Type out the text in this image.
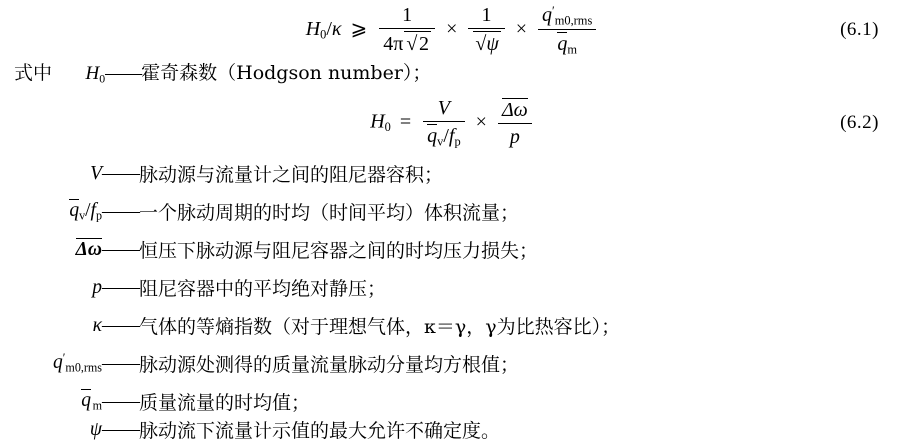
$H_0/\kappa$ ⩾ $\frac{1}{4\pi √ 2} \times \frac{1}{√\psi} \times \frac{q'_{m0,rms}}{q_m}$	(6.1)
式中 $H_0——$霍奇森数（Hodgson number）；
$H_0 = \frac{V}{q_v/f_p} \times \frac{\Delta\omega}{p}$	(6.2)
V —— 脉动源与流量计之间的阻尼器容积；
$q_v/f_p$ —— 一个脉动周期的时均（时间平均）体积流量；
Δω —— 恒压下脉动源与阻尼容器之间的时均压力损失；
p —— 阻尼容器中的平均绝对静压；
κ —— 气体的等熵指数（对于理想气体，κ＝γ，γ为比热容比）；
$q'_{m0,rms}$ —— 脉动源处测得的质量流量脉动分量均方根值；
q  $_m$ —— 质量流量的时均值；
ψ —— 脉动流下流量计示值的最大允许不确定度。
